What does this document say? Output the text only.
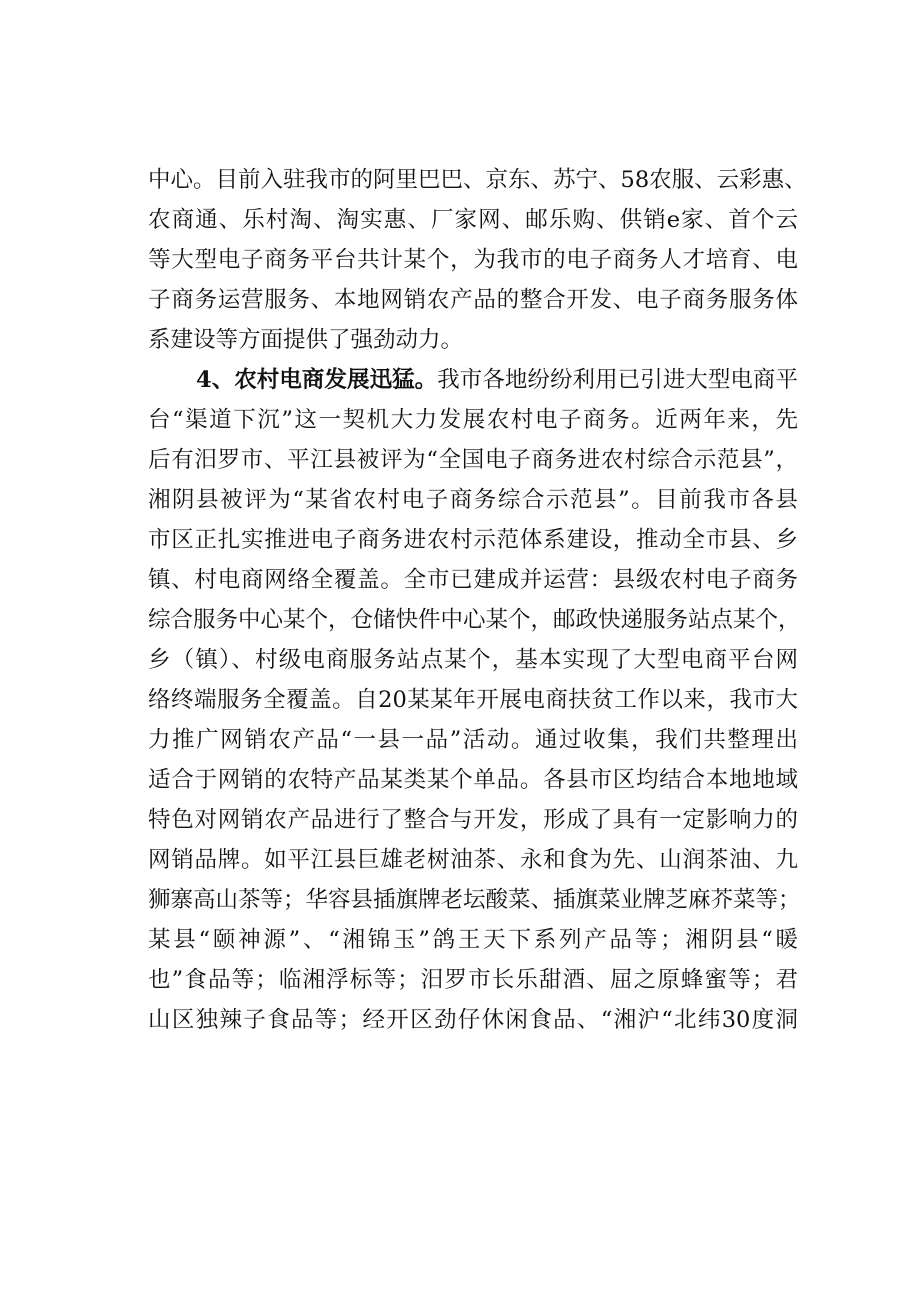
中心。目前入驻我市的阿里巴巴、京东、苏宁、58农服、云彩惠、
农商通、乐村淘、淘实惠、厂家网、邮乐购、供销e家、首个云
等大型电子商务平台共计某个，为我市的电子商务人才培育、电
子商务运营服务、本地网销农产品的整合开发、电子商务服务体
系建设等方面提供了强劲动力。
4、农村电商发展迅猛。我市各地纷纷利用已引进大型电商平
台“渠道下沉”这一契机大力发展农村电子商务。近两年来，先
后有汨罗市、平江县被评为“全国电子商务进农村综合示范县”，
湘阴县被评为“某省农村电子商务综合示范县”。目前我市各县
市区正扎实推进电子商务进农村示范体系建设，推动全市县、乡
镇、村电商网络全覆盖。全市已建成并运营：县级农村电子商务
综合服务中心某个，仓储快件中心某个，邮政快递服务站点某个，
乡（镇）、村级电商服务站点某个，基本实现了大型电商平台网
络终端服务全覆盖。自20某某年开展电商扶贫工作以来，我市大
力推广网销农产品“一县一品”活动。通过收集，我们共整理出
适合于网销的农特产品某类某个单品。各县市区均结合本地地域
特色对网销农产品进行了整合与开发，形成了具有一定影响力的
网销品牌。如平江县巨雄老树油茶、永和食为先、山润茶油、九
狮寨高山茶等；华容县插旗牌老坛酸菜、插旗菜业牌芝麻芥菜等；
某县“颐神源”、“湘锦玉”鸽王天下系列产品等；湘阴县“暖
也”食品等；临湘浮标等；汨罗市长乐甜酒、屈之原蜂蜜等；君
山区独辣子食品等；经开区劲仔休闲食品、“湘沪“北纬30度洞
